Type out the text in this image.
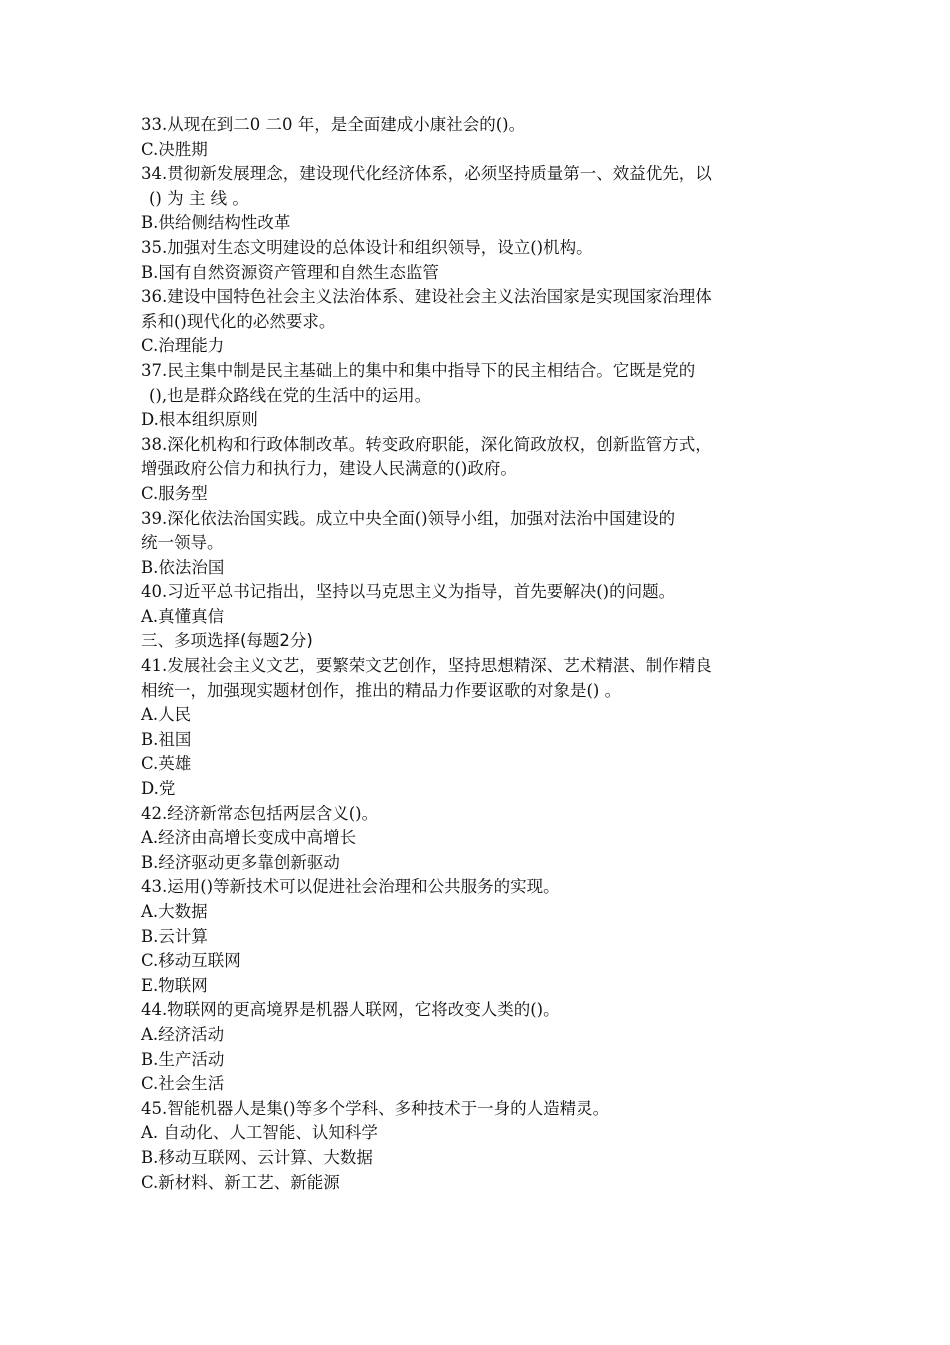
33.从现在到二0 二0 年，是全面建成小康社会的()。
C.决胜期
34.贯彻新发展理念，建设现代化经济体系，必须坚持质量第一、效益优先，以
() 为 主 线 。
B.供给侧结构性改革
35.加强对生态文明建设的总体设计和组织领导，设立()机构。
B.国有自然资源资产管理和自然生态监管
36.建设中国特色社会主义法治体系、建设社会主义法治国家是实现国家治理体
系和()现代化的必然要求。
C.治理能力
37.民主集中制是民主基础上的集中和集中指导下的民主相结合。它既是党的
(),也是群众路线在党的生活中的运用。
D.根本组织原则
38.深化机构和行政体制改革。转变政府职能，深化简政放权，创新监管方式，
增强政府公信力和执行力，建设人民满意的()政府。
C.服务型
39.深化依法治国实践。成立中央全面()领导小组，加强对法治中国建设的
统一领导。
B.依法治国
40.习近平总书记指出，坚持以马克思主义为指导，首先要解决()的问题。
A.真懂真信
三、多项选择(每题2分)
41.发展社会主义文艺，要繁荣文艺创作，坚持思想精深、艺术精湛、制作精良
相统一，加强现实题材创作，推出的精品力作要讴歌的对象是() 。
A.人民
B.祖国
C.英雄
D.党
42.经济新常态包括两层含义()。
A.经济由高增长变成中高增长
B.经济驱动更多靠创新驱动
43.运用()等新技术可以促进社会治理和公共服务的实现。
A.大数据
B.云计算
C.移动互联网
E.物联网
44.物联网的更高境界是机器人联网，它将改变人类的()。
A.经济活动
B.生产活动
C.社会生活
45.智能机器人是集()等多个学科、多种技术于一身的人造精灵。
A. 自动化、人工智能、认知科学
B.移动互联网、云计算、大数据
C.新材料、新工艺、新能源
